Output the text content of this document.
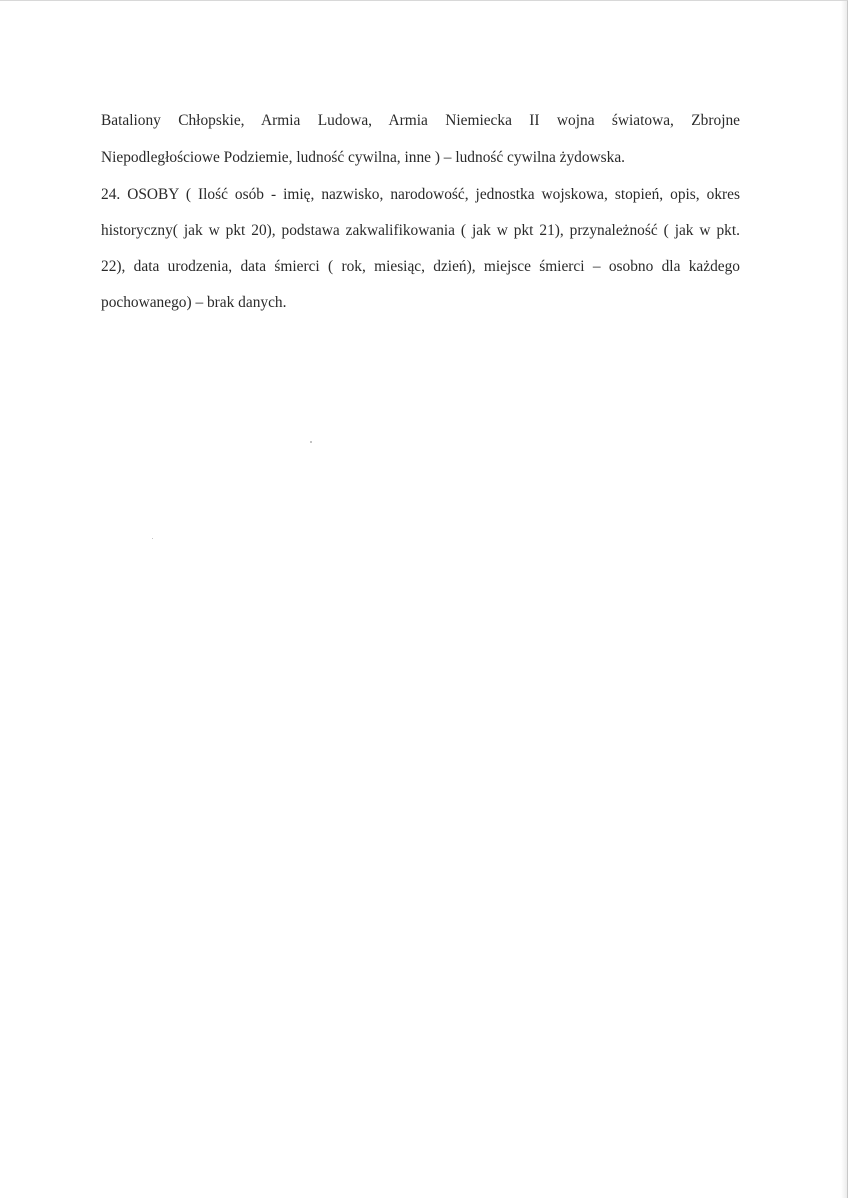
Bataliony Chłopskie, Armia Ludowa, Armia Niemiecka II wojna światowa, Zbrojne

Niepodległościowe Podziemie, ludność cywilna, inne ) – ludność cywilna żydowska.

24. OSOBY ( Ilość osób - imię, nazwisko, narodowość, jednostka wojskowa, stopień, opis, okres

historyczny( jak w pkt 20), podstawa zakwalifikowania ( jak w pkt 21), przynależność ( jak w pkt.

22), data urodzenia, data śmierci ( rok, miesiąc, dzień), miejsce śmierci – osobno dla każdego

pochowanego) – brak danych.
